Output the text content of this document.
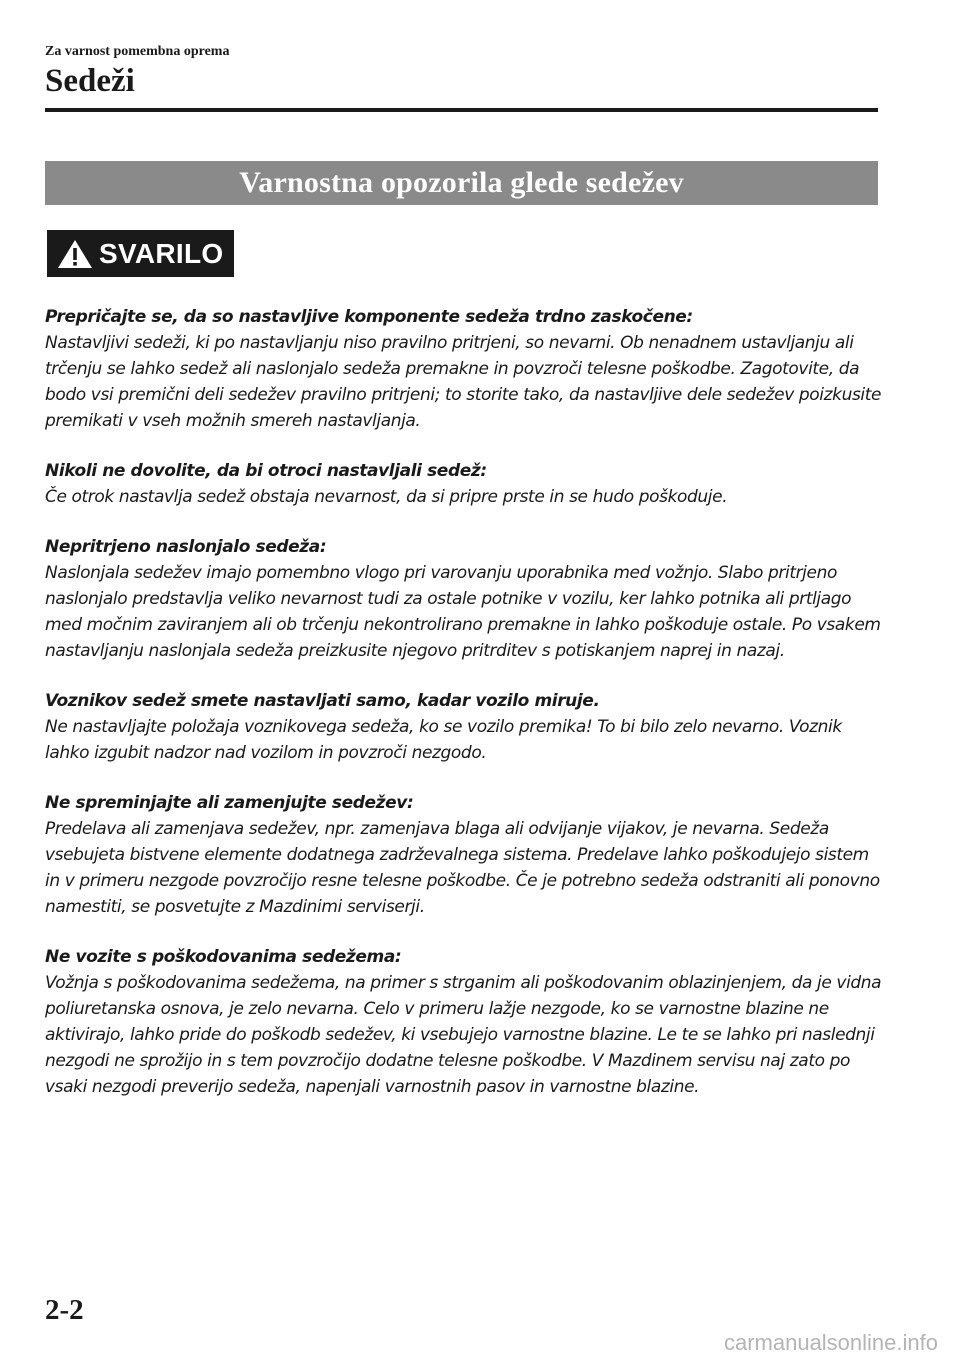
Za varnost pomembna oprema
Sedeži
Varnostna opozorila glede sedežev
SVARILO
Prepričajte se, da so nastavljive komponente sedeža trdno zaskočene:
Nastavljivi sedeži, ki po nastavljanju niso pravilno pritrjeni, so nevarni. Ob nenadnem ustavljanju ali trčenju se lahko sedež ali naslonjalo sedeža premakne in povzroči telesne poškodbe. Zagotovite, da bodo vsi premični deli sedežev pravilno pritrjeni; to storite tako, da nastavljive dele sedežev poizkusite premikati v vseh možnih smereh nastavljanja.
Nikoli ne dovolite, da bi otroci nastavljali sedež:
Če otrok nastavlja sedež obstaja nevarnost, da si pripre prste in se hudo poškoduje.
Nepritrjeno naslonjalo sedeža:
Naslonjala sedežev imajo pomembno vlogo pri varovanju uporabnika med vožnjo. Slabo pritrjeno naslonjalo predstavlja veliko nevarnost tudi za ostale potnike v vozilu, ker lahko potnika ali prtljago med močnim zaviranjem ali ob trčenju nekontrolirano premakne in lahko poškoduje ostale. Po vsakem nastavljanju naslonjala sedeža preizkusite njegovo pritrditev s potiskanjem naprej in nazaj.
Voznikov sedež smete nastavljati samo, kadar vozilo miruje.
Ne nastavljajte položaja voznikovega sedeža, ko se vozilo premika! To bi bilo zelo nevarno. Voznik lahko izgubit nadzor nad vozilom in povzroči nezgodo.
Ne spreminjajte ali zamenjujte sedežev:
Predelava ali zamenjava sedežev, npr. zamenjava blaga ali odvijanje vijakov, je nevarna. Sedeža vsebujeta bistvene elemente dodatnega zadrževalnega sistema. Predelave lahko poškodujejo sistem in v primeru nezgode povzročijo resne telesne poškodbe. Če je potrebno sedeža odstraniti ali ponovno namestiti, se posvetujte z Mazdinimi serviserji.
Ne vozite s poškodovanima sedežema:
Vožnja s poškodovanima sedežema, na primer s strganim ali poškodovanim oblazinjenjem, da je vidna poliuretanska osnova, je zelo nevarna. Celo v primeru lažje nezgode, ko se varnostne blazine ne aktivirajo, lahko pride do poškodb sedežev, ki vsebujejo varnostne blazine. Le te se lahko pri naslednji nezgodi ne sprožijo in s tem povzročijo dodatne telesne poškodbe. V Mazdinem servisu naj zato po vsaki nezgodi preverijo sedeža, napenjali varnostnih pasov in varnostne blazine.
2-2
carmanualsonline.info
